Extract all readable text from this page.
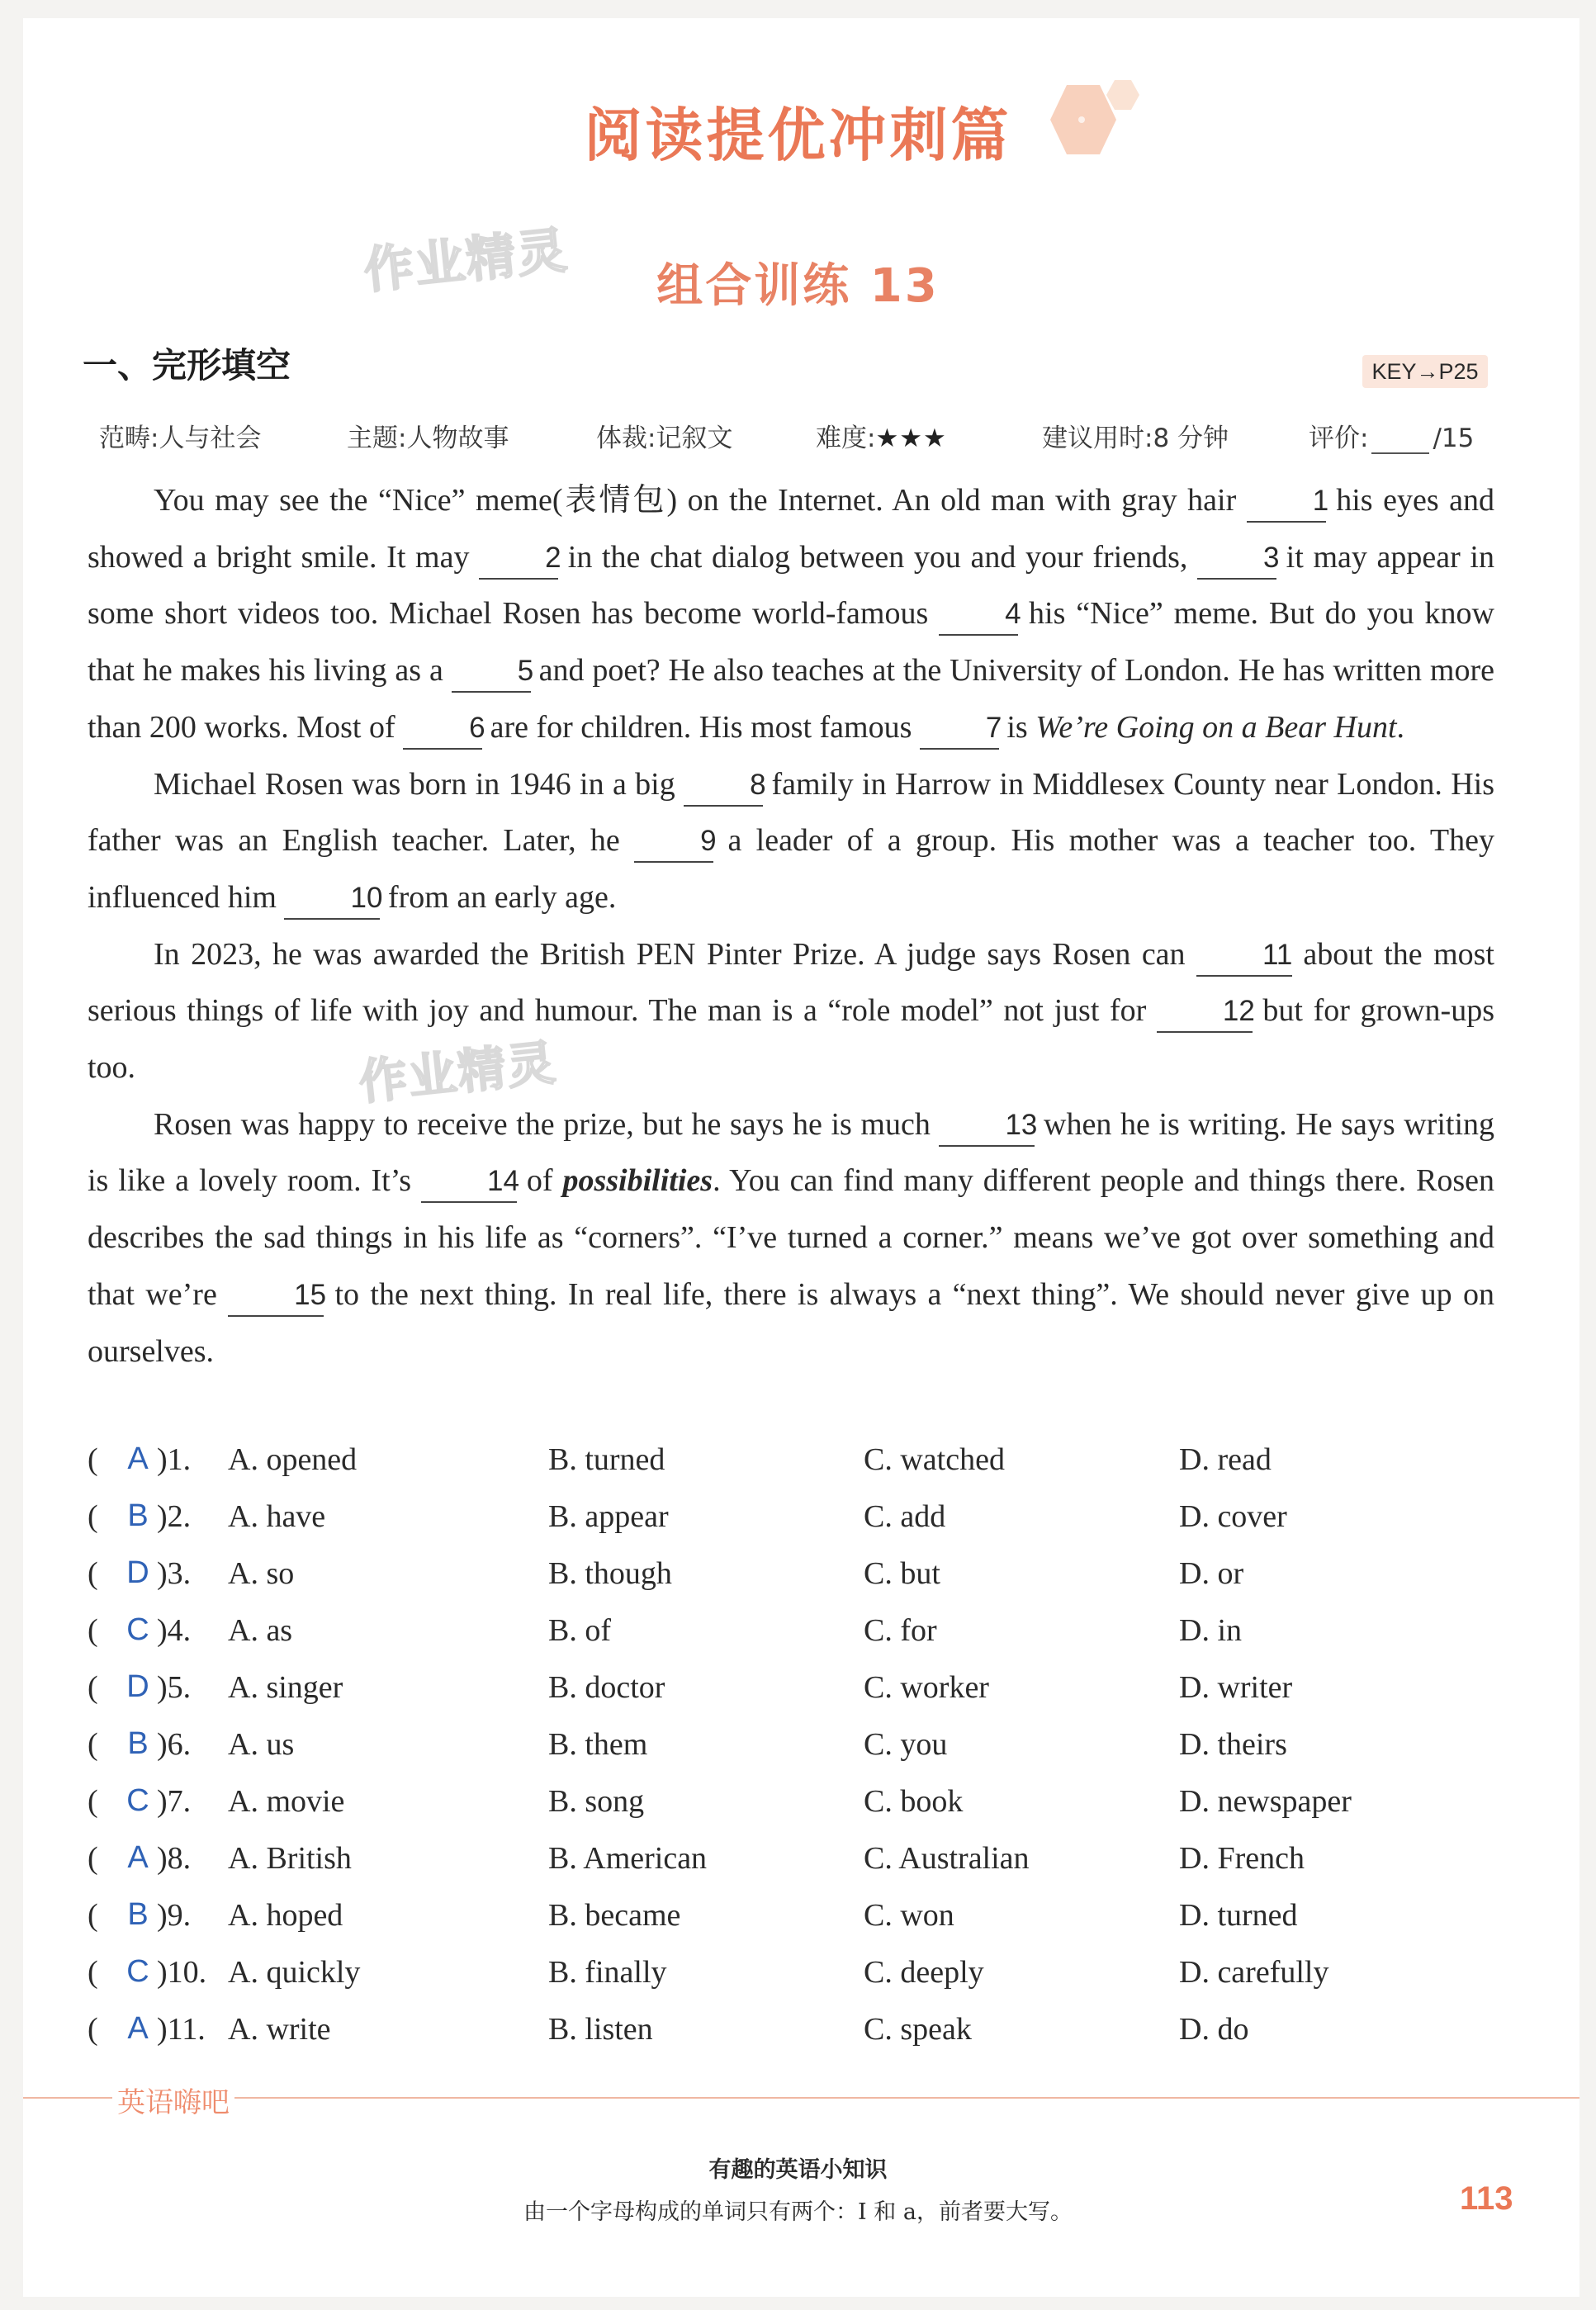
阅读提优冲刺篇
作业精灵
作业精灵
组合训练 13
一、完形填空	KEY→P25
范畴:人与社会	主题:人物故事	体裁:记叙文	难度:★★★	建议用时:8 分钟	评价:	/15

You may see the “Nice” meme(表情包) on the Internet. An old man with gray hair 1 his eyes and showed a bright smile. It may 2 in the chat dialog between you and your friends, 3 it may appear in some short videos too. Michael Rosen has become world-famous 4 his “Nice” meme. But do you know that he makes his living as a 5 and poet? He also teaches at the University of London. He has written more than 200 works. Most of 6 are for children. His most famous 7 is We’re Going on a Bear Hunt.

Michael Rosen was born in 1946 in a big 8 family in Harrow in Middlesex County near London. His father was an English teacher. Later, he 9 a leader of a group. His mother was a teacher too. They influenced him 10 from an early age.

In 2023, he was awarded the British PEN Pinter Prize. A judge says Rosen can 11 about the most serious things of life with joy and humour. The man is a “role model” not just for 12 but for grown-ups too.

Rosen was happy to receive the prize, but he says he is much 13 when he is writing. He says writing is like a lovely room. It’s 14 of possibilities. You can find many different people and things there. Rosen describes the sad things in his life as “corners”. “I’ve turned a corner.” means we’ve got over something and that we’re 15 to the next thing. In real life, there is always a “next thing”. We should never give up on ourselves.

( A )1. A. opened	B. turned	C. watched	D. read
( B )2. A. have	B. appear	C. add	D. cover
( D )3. A. so	B. though	C. but	D. or
( C )4. A. as	B. of	C. for	D. in
( D )5. A. singer	B. doctor	C. worker	D. writer
( B )6. A. us	B. them	C. you	D. theirs
( C )7. A. movie	B. song	C. book	D. newspaper
( A )8. A. British	B. American	C. Australian	D. French
( B )9. A. hoped	B. became	C. won	D. turned
( C )10. A. quickly	B. finally	C. deeply	D. carefully
( A )11. A. write	B. listen	C. speak	D. do
英语嗨吧
有趣的英语小知识
由一个字母构成的单词只有两个：I 和 a，前者要大写。	113
